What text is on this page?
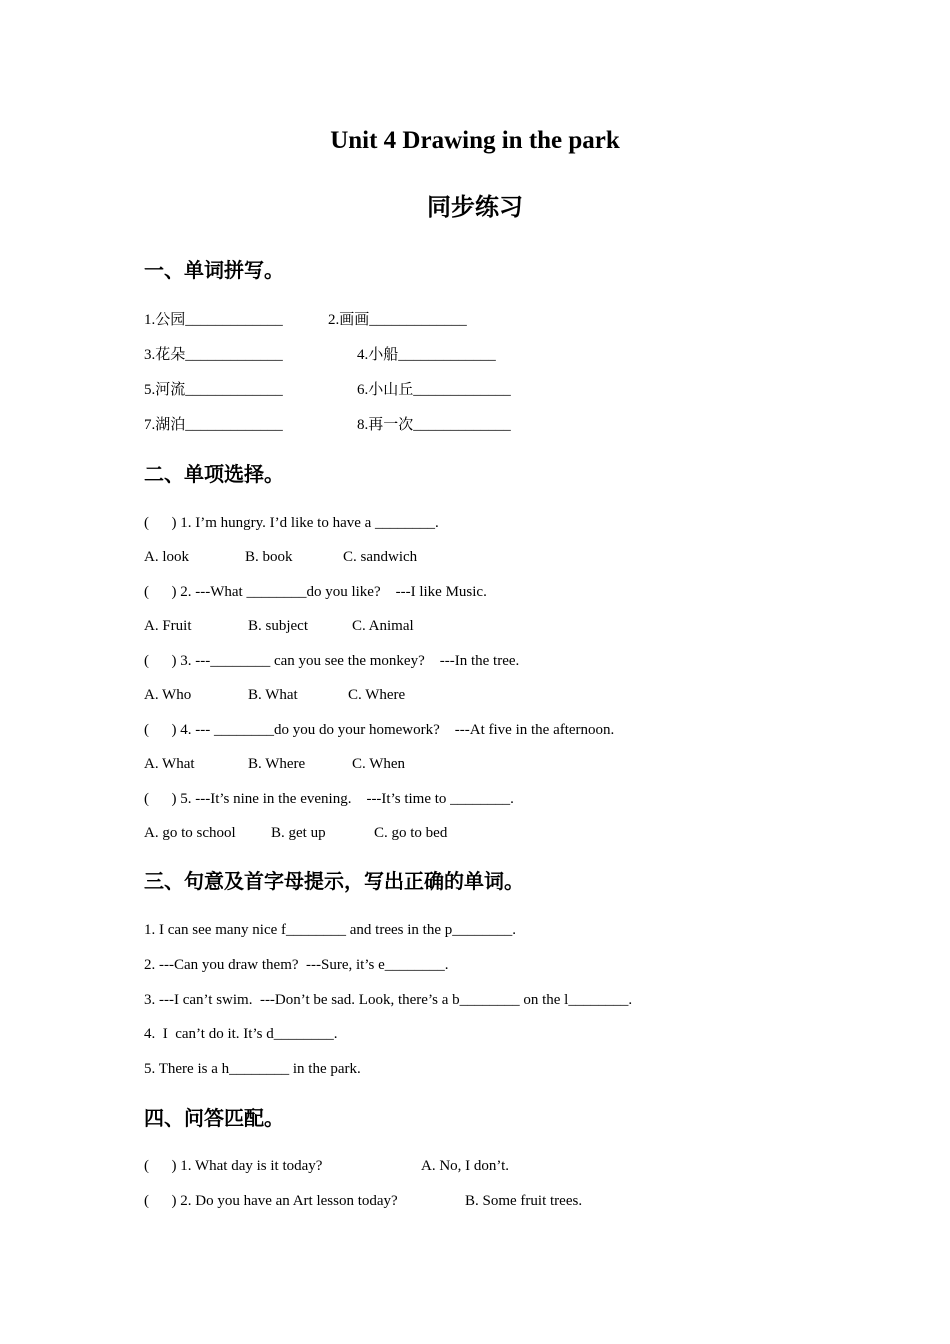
Unit 4 Drawing in the park
同步练习
一、单词拼写。
1.公园_____________	2.画画_____________
3.花朵_____________	4.小船_____________
5.河流_____________	6.小山丘_____________
7.湖泊_____________	8.再一次_____________
二、单项选择。
(      ) 1. I’m hungry. I’d like to have a ________.
A. look	B. book	C. sandwich
(      ) 2. ---What ________do you like?    ---I like Music.
A. Fruit	B. subject	C. Animal
(      ) 3. ---________ can you see the monkey?    ---In the tree.
A. Who	B. What	C. Where
(      ) 4. --- ________do you do your homework?    ---At five in the afternoon.
A. What	B. Where	C. When
(      ) 5. ---It’s nine in the evening.    ---It’s time to ________.
A. go to school B. get up	C. go to bed
三、句意及首字母提示，写出正确的单词。
1. I can see many nice f________ and trees in the p________.
2. ---Can you draw them?  ---Sure, it’s e________.
3. ---I can’t swim.  ---Don’t be sad. Look, there’s a b________ on the l________.
4.  I  can’t do it. It’s d________.
5. There is a h________ in the park.
四、问答匹配。
(      ) 1. What day is it today?	A. No, I don’t.
(      ) 2. Do you have an Art lesson today?	B. Some fruit trees.
